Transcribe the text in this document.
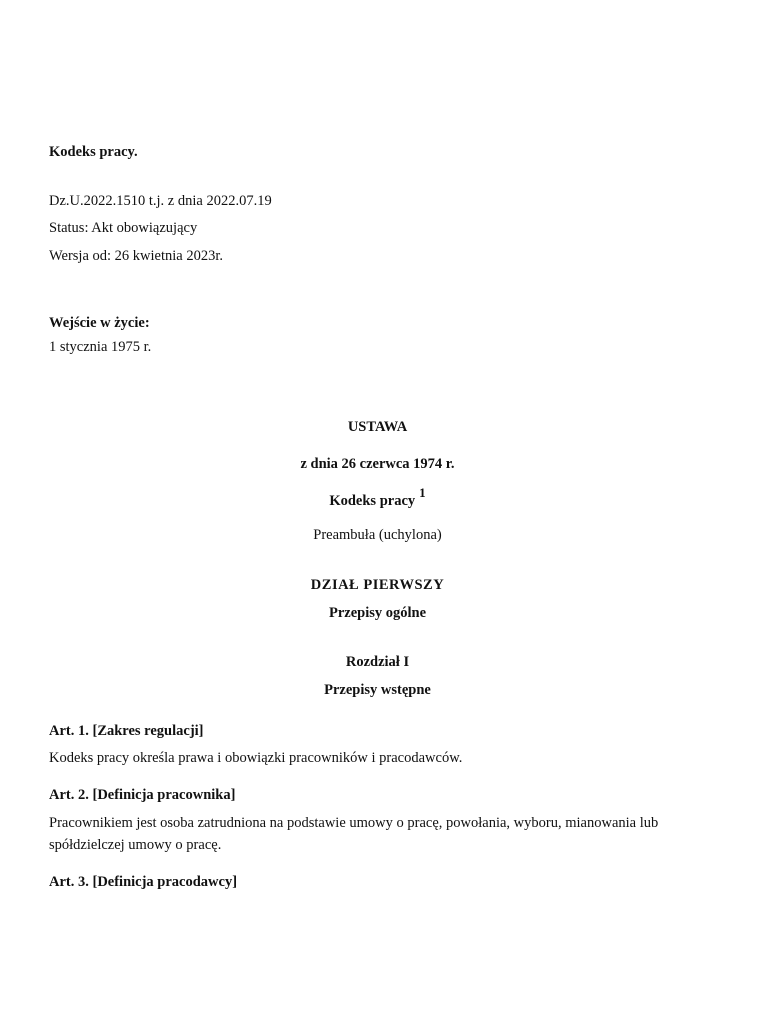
Kodeks pracy.
Dz.U.2022.1510 t.j. z dnia 2022.07.19
Status: Akt obowiązujący
Wersja od: 26 kwietnia 2023r.
Wejście w życie:
1 stycznia 1975 r.
USTAWA
z dnia 26 czerwca 1974 r.
Kodeks pracy$^1$
Preambuła (uchylona)
DZIAŁ PIERWSZY
Przepisy ogólne
Rozdział I
Przepisy wstępne
Art. 1. [Zakres regulacji]
Kodeks pracy określa prawa i obowiązki pracowników i pracodawców.
Art. 2. [Definicja pracownika]
Pracownikiem jest osoba zatrudniona na podstawie umowy o pracę, powołania, wyboru, mianowania lub spółdzielczej umowy o pracę.
Art. 3. [Definicja pracodawcy]
